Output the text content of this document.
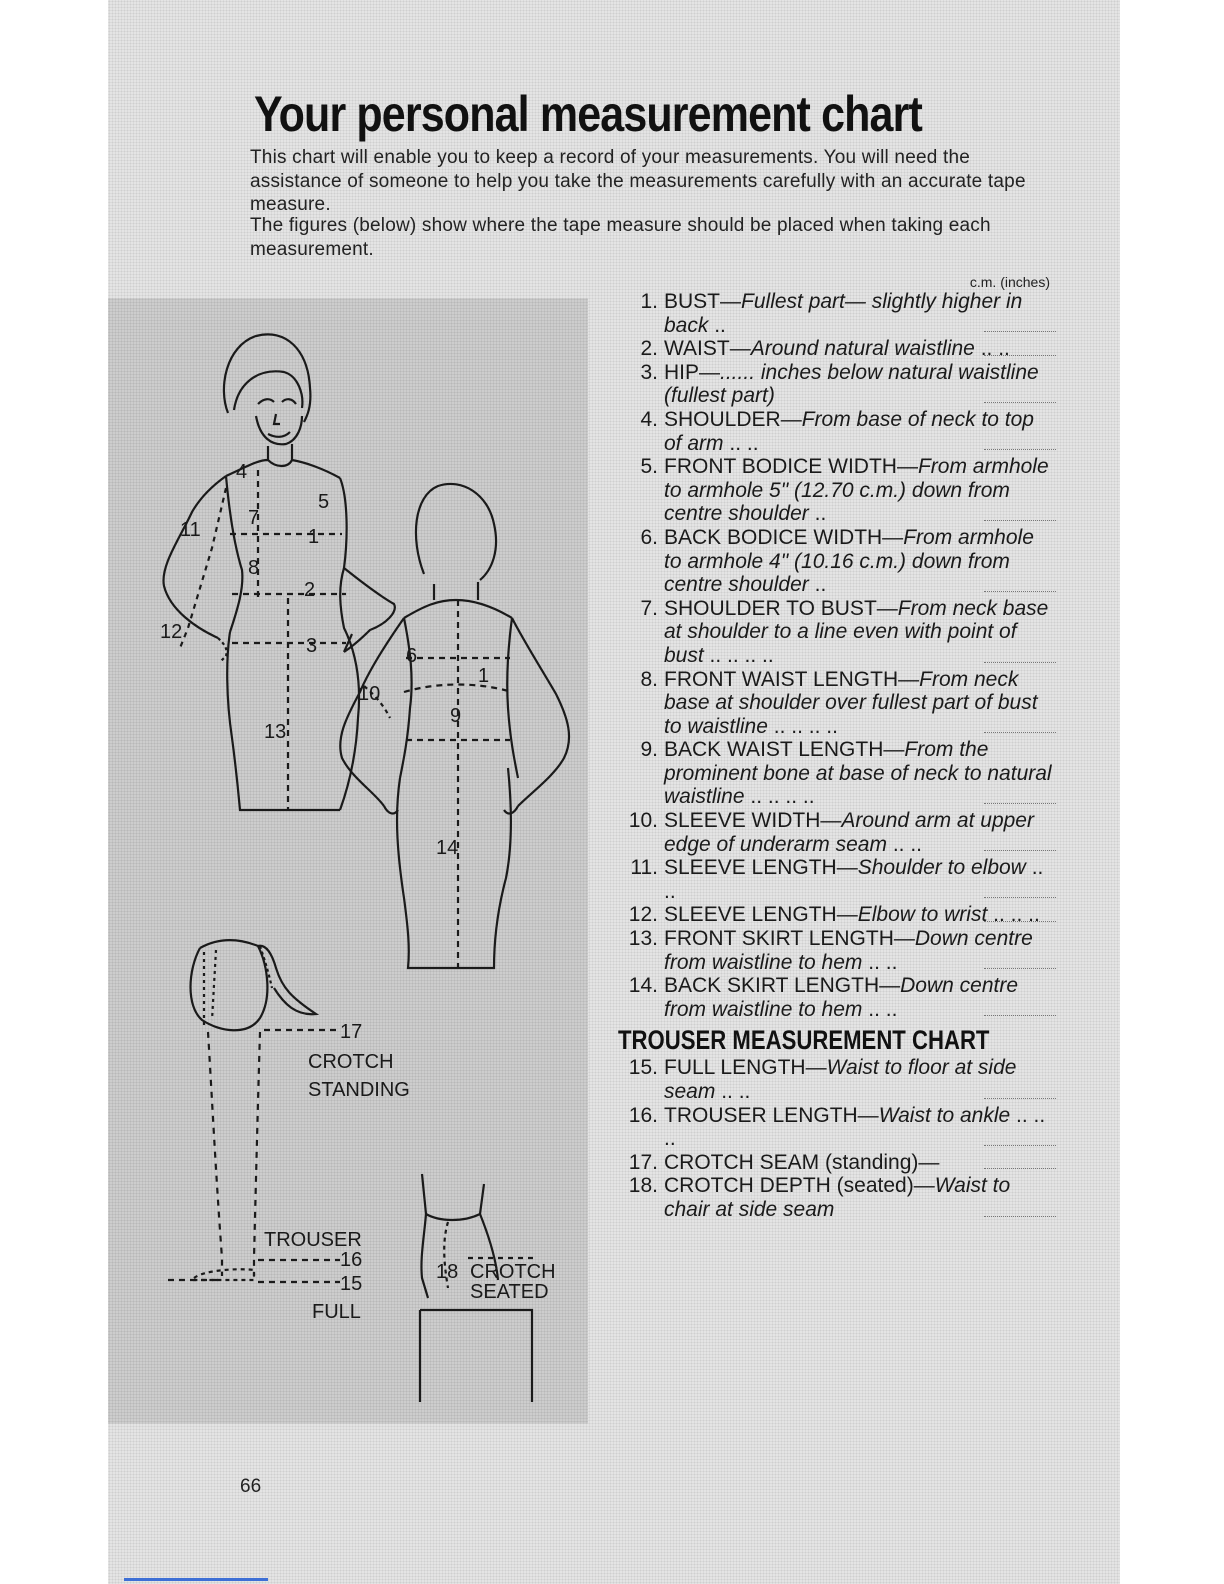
Your personal measurement chart

This chart will enable you to keep a record of your measurements. You will need the assistance of someone to help you take the measurements carefully with an accurate tape measure.

The figures (below) show where the tape measure should be placed when taking each measurement.

c.m. (inches)
1. BUST—Fullest part— slightly higher in back ..
2. WAIST—Around natural waistline .. ..
3. HIP—...... inches below natural waistline (fullest part)
4. SHOULDER—From base of neck to top of arm .. ..
5. FRONT BODICE WIDTH—From armhole to armhole 5" (12.70 c.m.) down from centre shoulder ..
6. BACK BODICE WIDTH—From armhole to armhole 4" (10.16 c.m.) down from centre shoulder ..
7. SHOULDER TO BUST—From neck base at shoulder to a line even with point of bust .. .. .. ..
8. FRONT WAIST LENGTH—From neck base at shoulder over fullest part of bust to waistline .. .. .. ..
9. BACK WAIST LENGTH—From the prominent bone at base of neck to natural waistline .. .. .. ..
10. SLEEVE WIDTH—Around arm at upper edge of underarm seam .. ..
11. SLEEVE LENGTH—Shoulder to elbow .. ..
12. SLEEVE LENGTH—Elbow to wrist .. .. ..
13. FRONT SKIRT LENGTH—Down centre from waistline to hem .. ..
14. BACK SKIRT LENGTH—Down centre from waistline to hem .. ..
TROUSER MEASUREMENT CHART
15. FULL LENGTH—Waist to floor at side seam .. ..
16. TROUSER LENGTH—Waist to ankle .. .. ..
17. CROTCH SEAM (standing)—
18. CROTCH DEPTH (seated)—Waist to chair at side seam
4
5
7
1
11
8
2
12
3
13
6
1
10
9
14
17
CROTCH
STANDING
TROUSER
16
15
FULL
18 CROTCH
SEATED
66
